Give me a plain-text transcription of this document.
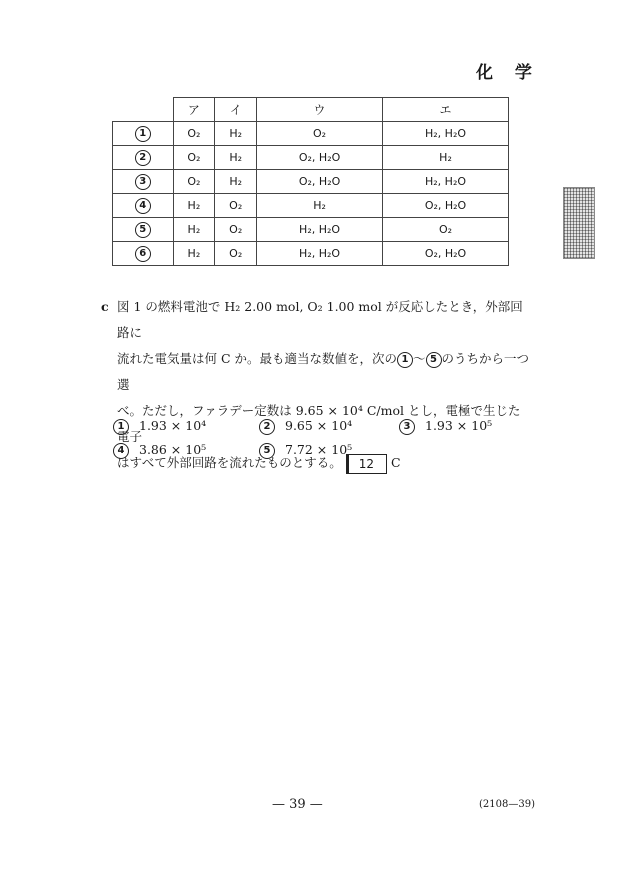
化 学
	ア	イ	ウ	エ
1	O₂	H₂	O₂	H₂, H₂O
2	O₂	H₂	O₂, H₂O	H₂
3	O₂	H₂	O₂, H₂O	H₂, H₂O
4	H₂	O₂	H₂	O₂, H₂O
5	H₂	O₂	H₂, H₂O	O₂
6	H₂	O₂	H₂, H₂O	O₂, H₂O
c 図 1 の燃料電池で H₂ 2.00 mol, O₂ 1.00 mol が反応したとき，外部回路に
流れた電気量は何 C か。最も適当な数値を，次の 1 ～ 5 のうちから一つ選
べ。ただし，ファラデー定数は 9.65 × 10⁴ C/mol とし，電極で生じた電子
はすべて外部回路を流れたものとする。 12 C
1 1.93 × 10⁴	2 9.65 × 10⁴	3 1.93 × 10⁵
4 3.86 × 10⁵	5 7.72 × 10⁵
— 39 —	(2108—39)
